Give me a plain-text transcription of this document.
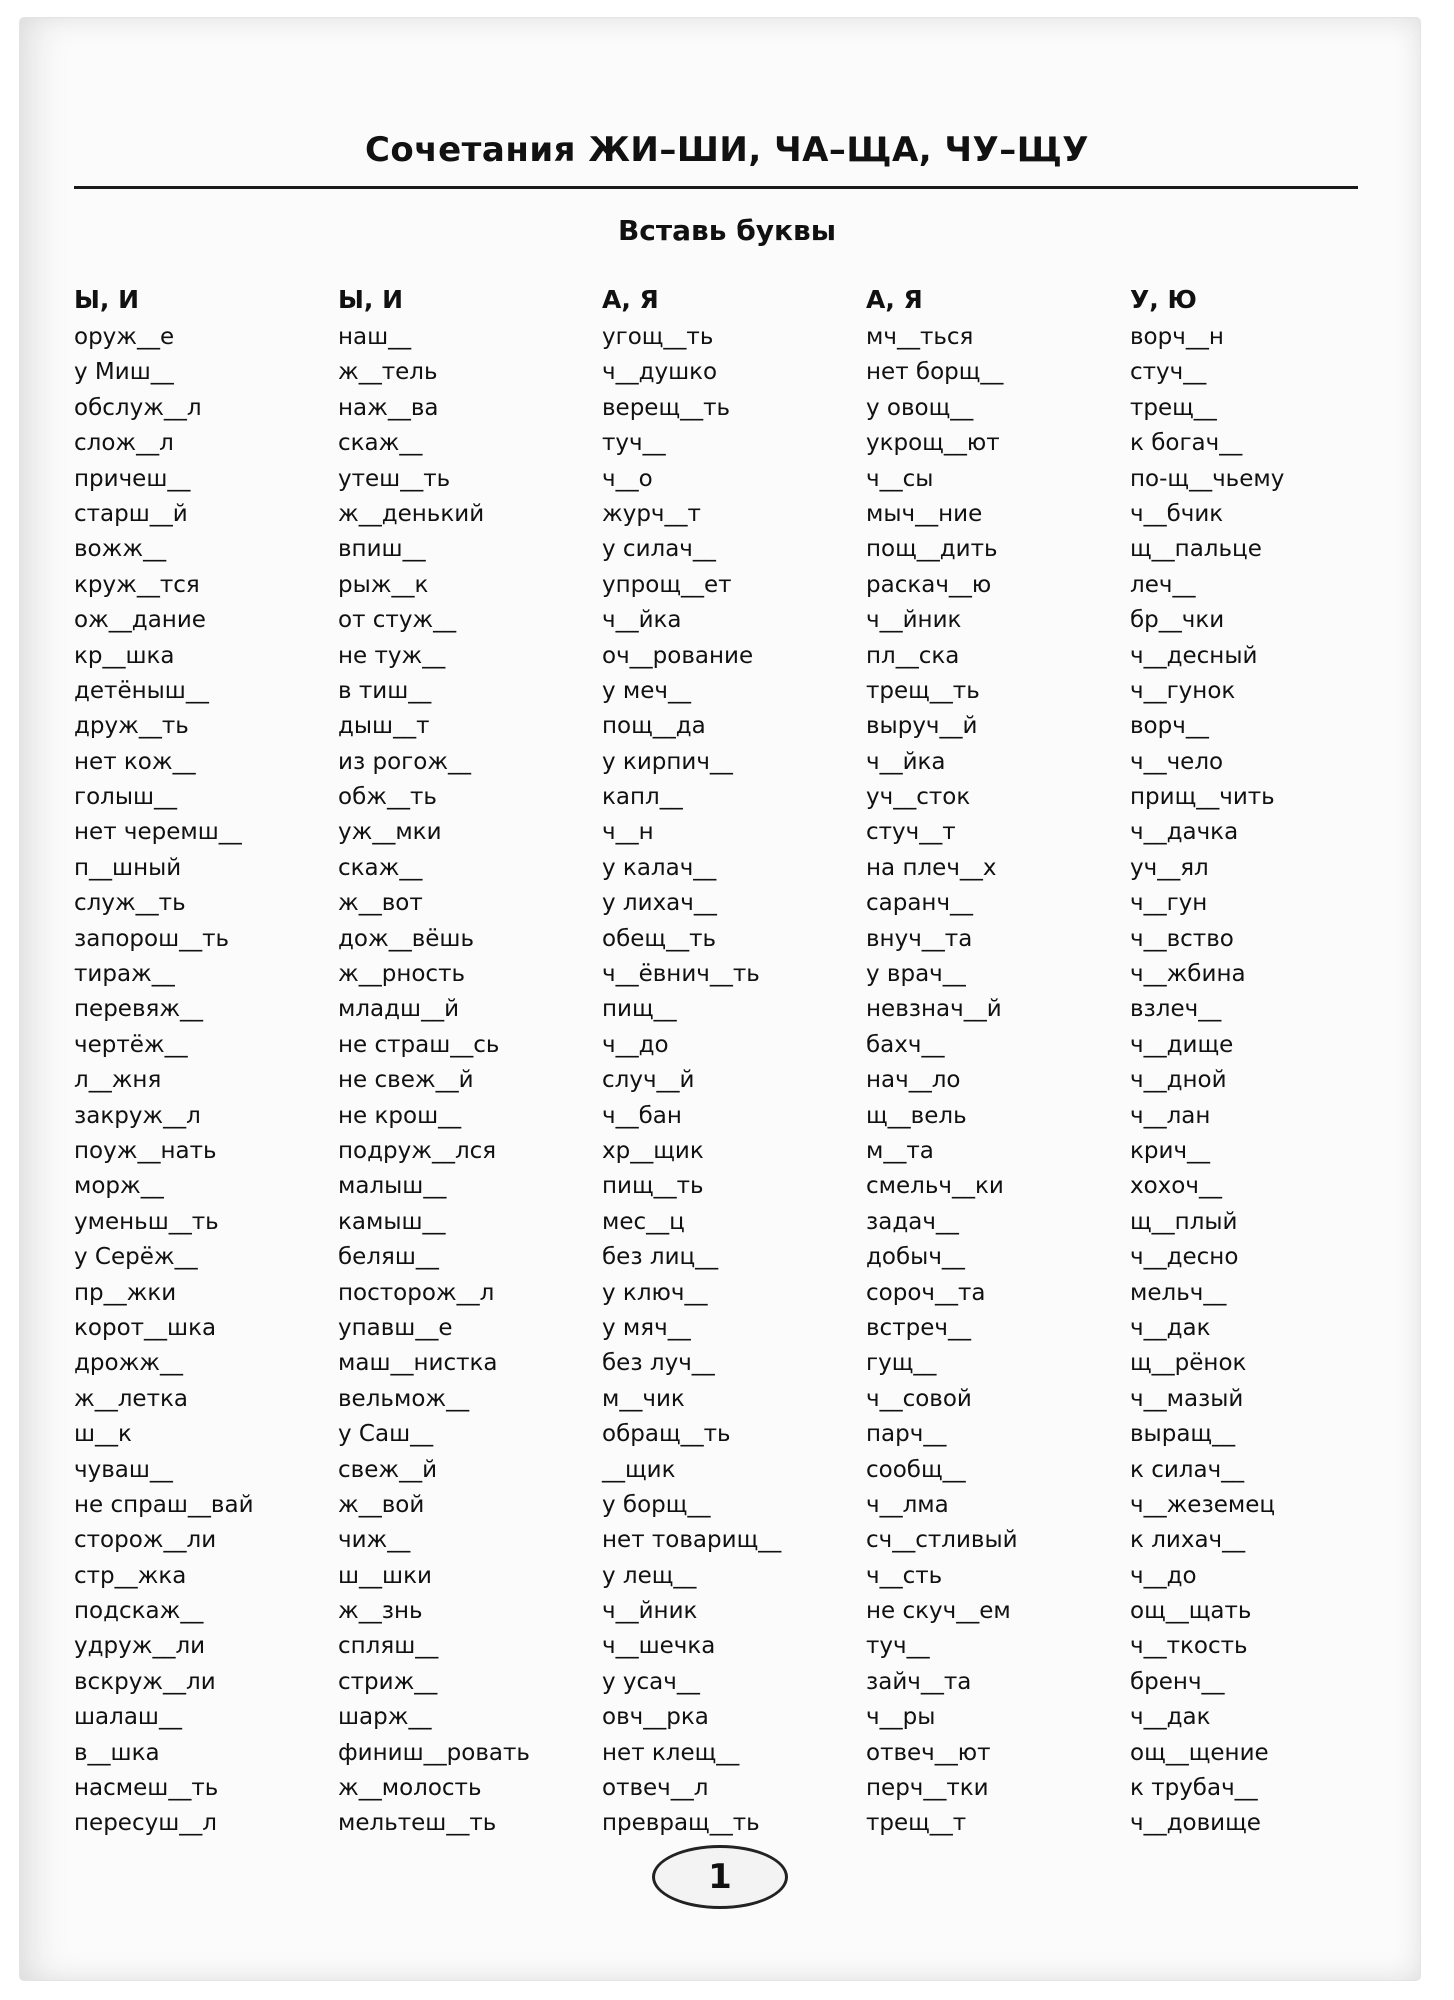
Сочетания ЖИ–ШИ, ЧА–ЩА, ЧУ–ЩУ
Вставь буквы
Ы, И
оруж__е
у Миш__
обслуж__л
слож__л
причеш__
старш__й
вожж__
круж__тся
ож__дание
кр__шка
детёныш__
друж__ть
нет кож__
голыш__
нет черемш__
п__шный
служ__ть
запорош__ть
тираж__
перевяж__
чертёж__
л__жня
закруж__л
поуж__нать
морж__
уменьш__ть
у Серёж__
пр__жки
корот__шка
дрожж__
ж__летка
ш__к
чуваш__
не спраш__вай
сторож__ли
стр__жка
подскаж__
удруж__ли
вскруж__ли
шалаш__
в__шка
насмеш__ть
пересуш__л
Ы, И
наш__
ж__тель
наж__ва
скаж__
утеш__ть
ж__денький
впиш__
рыж__к
от стуж__
не туж__
в тиш__
дыш__т
из рогож__
обж__ть
уж__мки
скаж__
ж__вот
дож__вёшь
ж__рность
младш__й
не страш__сь
не свеж__й
не крош__
подруж__лся
малыш__
камыш__
беляш__
посторож__л
упавш__е
маш__нистка
вельмож__
у Саш__
свеж__й
ж__вой
чиж__
ш__шки
ж__знь
спляш__
стриж__
шарж__
финиш__ровать
ж__молость
мельтеш__ть
А, Я
угощ__ть
ч__душко
верещ__ть
туч__
ч__о
журч__т
у силач__
упрощ__ет
ч__йка
оч__рование
у меч__
пощ__да
у кирпич__
капл__
ч__н
у калач__
у лихач__
обещ__ть
ч__ёвнич__ть
пищ__
ч__до
случ__й
ч__бан
хр__щик
пищ__ть
мес__ц
без лиц__
у ключ__
у мяч__
без луч__
м__чик
обращ__ть
__щик
у борщ__
нет товарищ__
у лещ__
ч__йник
ч__шечка
у усач__
овч__рка
нет клещ__
отвеч__л
превращ__ть
А, Я
мч__ться
нет борщ__
у овощ__
укрощ__ют
ч__сы
мыч__ние
пощ__дить
раскач__ю
ч__йник
пл__ска
трещ__ть
выруч__й
ч__йка
уч__сток
стуч__т
на плеч__х
саранч__
внуч__та
у врач__
невзнач__й
бахч__
нач__ло
щ__вель
м__та
смельч__ки
задач__
добыч__
сороч__та
встреч__
гущ__
ч__совой
парч__
сообщ__
ч__лма
сч__стливый
ч__сть
не скуч__ем
туч__
зайч__та
ч__ры
отвеч__ют
перч__тки
трещ__т
У, Ю
ворч__н
стуч__
трещ__
к богач__
по-щ__чьему
ч__бчик
щ__пальце
леч__
бр__чки
ч__десный
ч__гунок
ворч__
ч__чело
прищ__чить
ч__дачка
уч__ял
ч__гун
ч__вство
ч__жбина
взлеч__
ч__дище
ч__дной
ч__лан
крич__
хохоч__
щ__плый
ч__десно
мельч__
ч__дак
щ__рёнок
ч__мазый
выращ__
к силач__
ч__жеземец
к лихач__
ч__до
ощ__щать
ч__ткость
бренч__
ч__дак
ощ__щение
к трубач__
ч__довище
1
